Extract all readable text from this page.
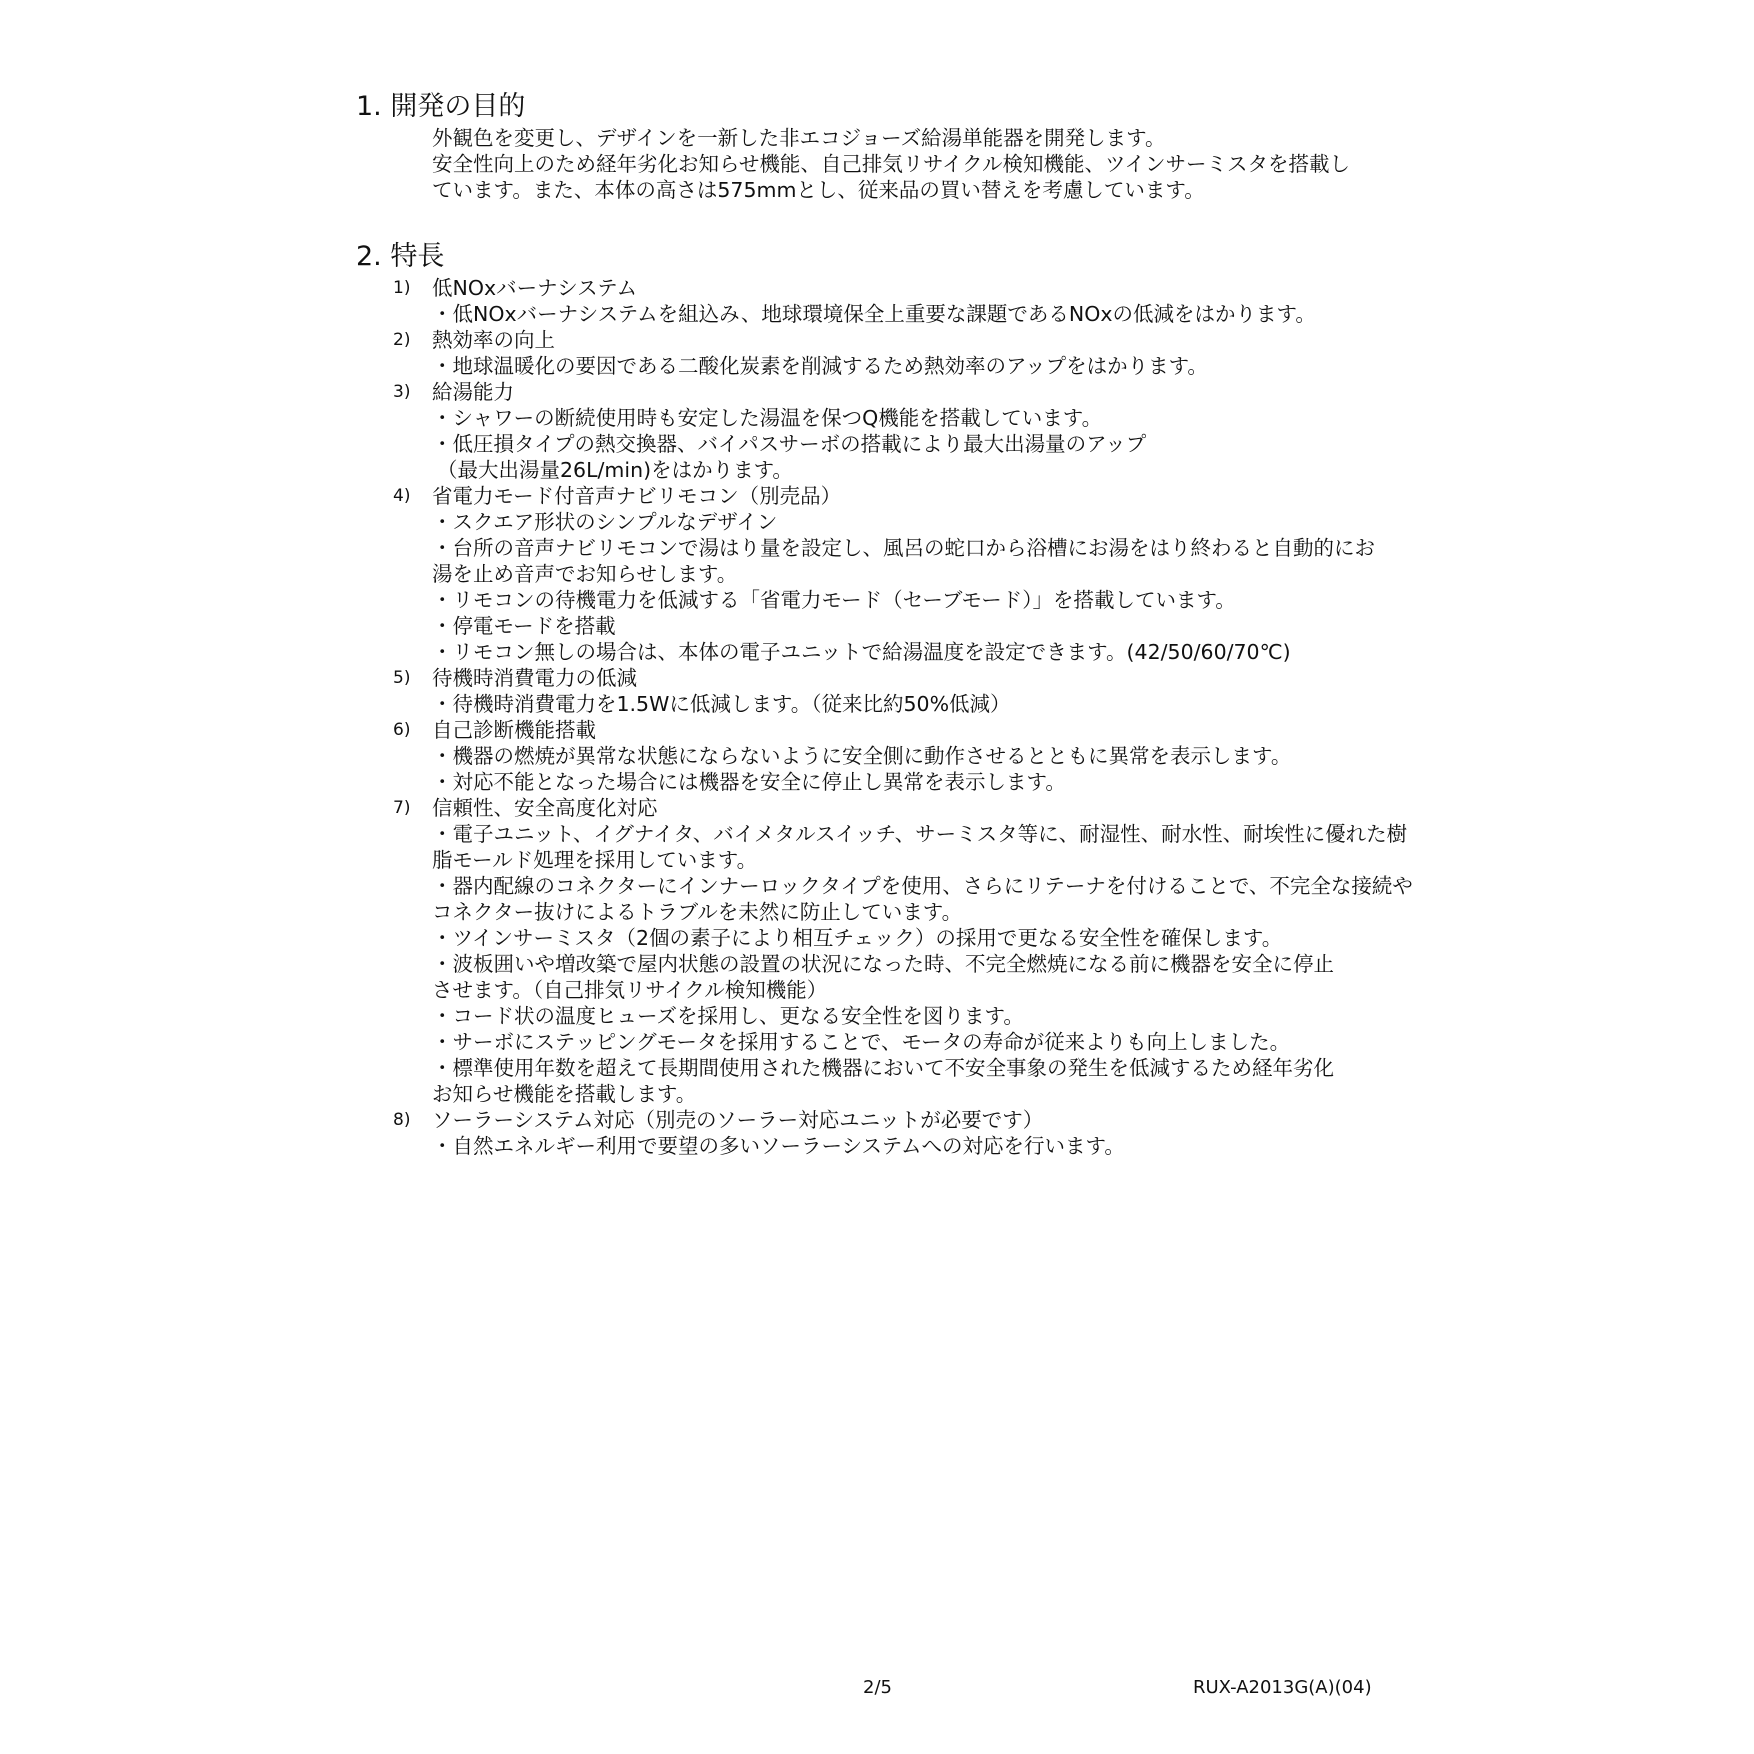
1. 開発の目的
外観色を変更し、デザインを一新した非エコジョーズ給湯単能器を開発します。
安全性向上のため経年劣化お知らせ機能、自己排気リサイクル検知機能、ツインサーミスタを搭載し
ています。また、本体の高さは575mmとし、従来品の買い替えを考慮しています。
2. 特長
1) 低NOxバーナシステム
・低NOxバーナシステムを組込み、地球環境保全上重要な課題であるNOxの低減をはかります。
2) 熱効率の向上
・地球温暖化の要因である二酸化炭素を削減するため熱効率のアップをはかります。
3) 給湯能力
・シャワーの断続使用時も安定した湯温を保つQ機能を搭載しています。
・低圧損タイプの熱交換器、バイパスサーボの搭載により最大出湯量のアップ
（最大出湯量26L/min)をはかります。
4) 省電力モード付音声ナビリモコン（別売品）
・スクエア形状のシンプルなデザイン
・台所の音声ナビリモコンで湯はり量を設定し、風呂の蛇口から浴槽にお湯をはり終わると自動的にお
湯を止め音声でお知らせします。
・リモコンの待機電力を低減する「省電力モード（セーブモード）」を搭載しています。
・停電モードを搭載
・リモコン無しの場合は、本体の電子ユニットで給湯温度を設定できます。(42/50/60/70℃)
5) 待機時消費電力の低減
・待機時消費電力を1.5Wに低減します。（従来比約50%低減）
6) 自己診断機能搭載
・機器の燃焼が異常な状態にならないように安全側に動作させるとともに異常を表示します。
・対応不能となった場合には機器を安全に停止し異常を表示します。
7) 信頼性、安全高度化対応
・電子ユニット、イグナイタ、バイメタルスイッチ、サーミスタ等に、耐湿性、耐水性、耐埃性に優れた樹
脂モールド処理を採用しています。
・器内配線のコネクターにインナーロックタイプを使用、さらにリテーナを付けることで、不完全な接続や
コネクター抜けによるトラブルを未然に防止しています。
・ツインサーミスタ（2個の素子により相互チェック）の採用で更なる安全性を確保します。
・波板囲いや増改築で屋内状態の設置の状況になった時、不完全燃焼になる前に機器を安全に停止
させます。（自己排気リサイクル検知機能）
・コード状の温度ヒューズを採用し、更なる安全性を図ります。
・サーボにステッピングモータを採用することで、モータの寿命が従来よりも向上しました。
・標準使用年数を超えて長期間使用された機器において不安全事象の発生を低減するため経年劣化
お知らせ機能を搭載します。
8) ソーラーシステム対応（別売のソーラー対応ユニットが必要です）
・自然エネルギー利用で要望の多いソーラーシステムへの対応を行います。
2/5	RUX-A2013G(A)(04)
